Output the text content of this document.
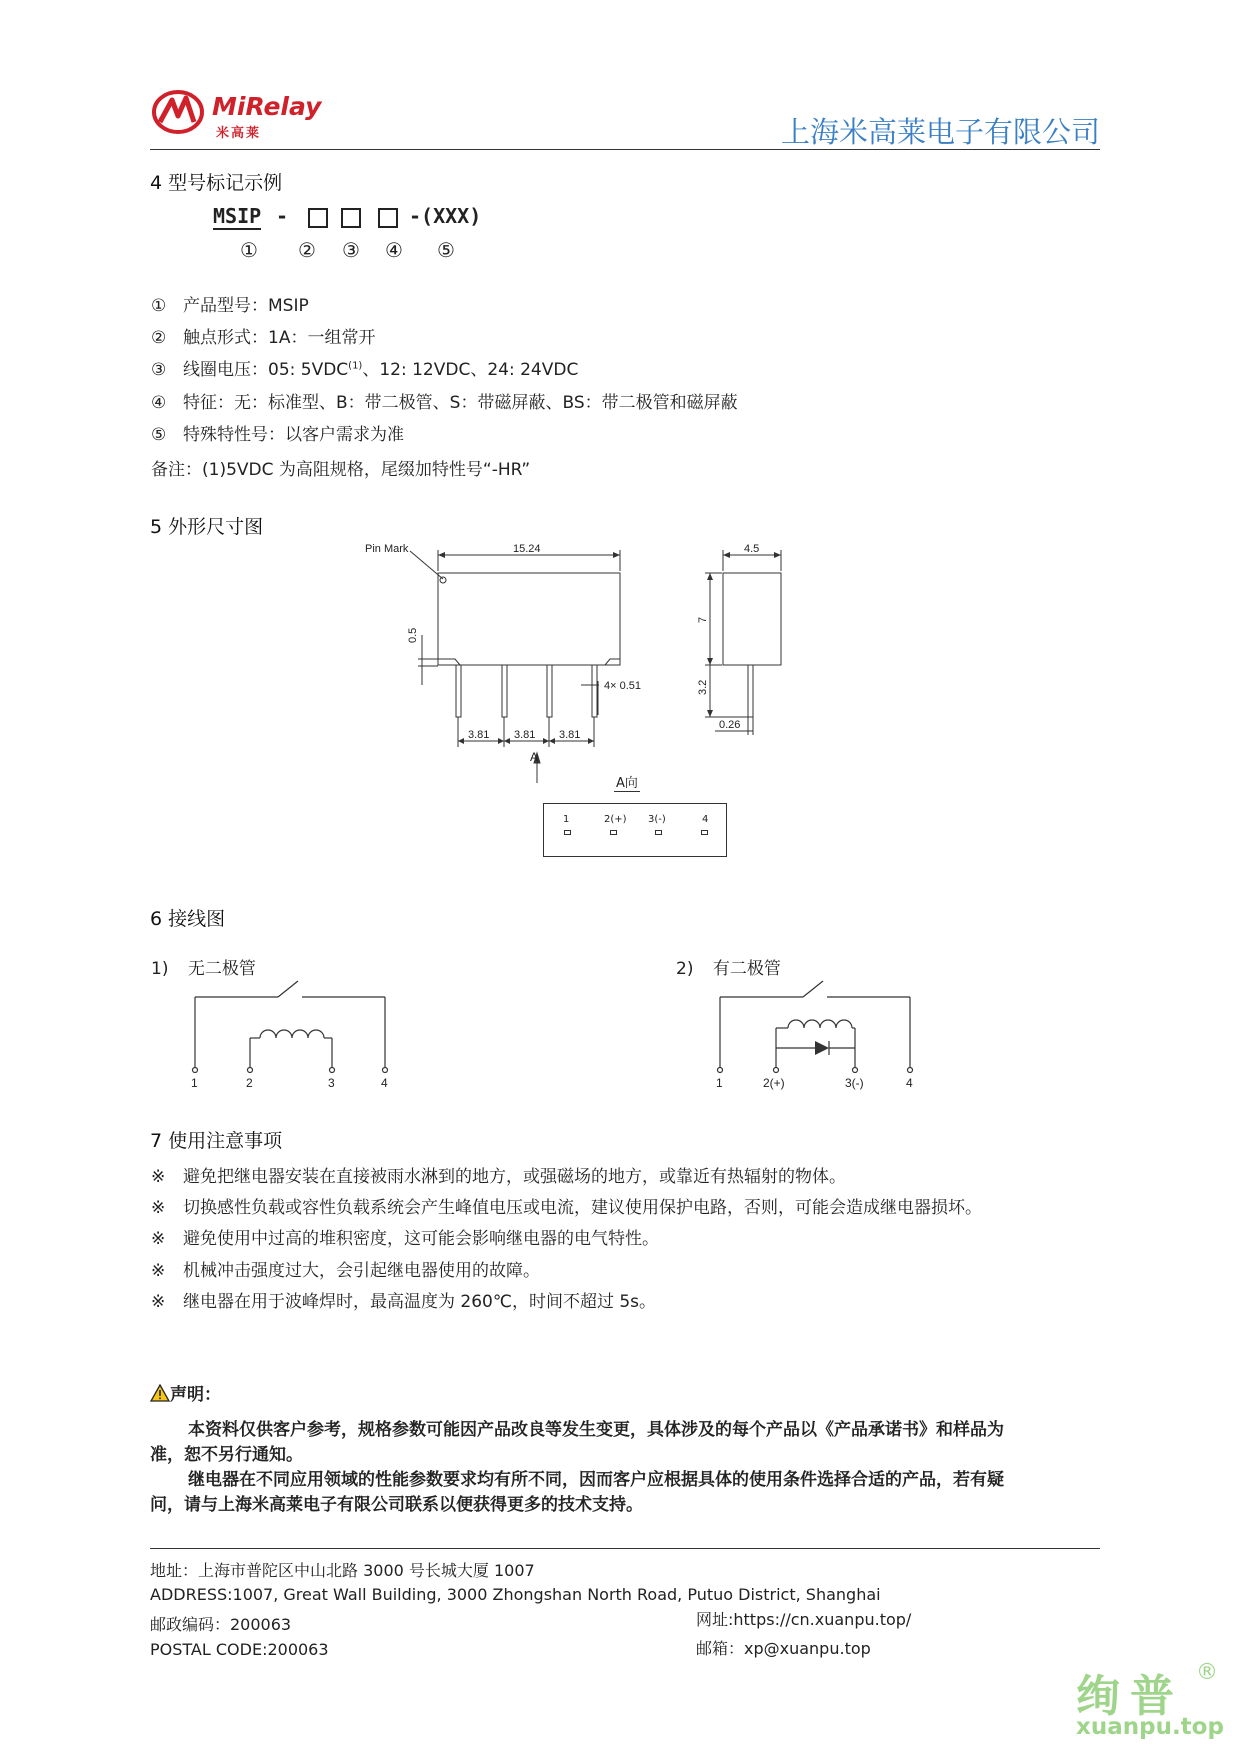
MiRelay
米高莱	上海米高莱电子有限公司
4 型号标记示例
MSIP -	-(XXX)
① ② ③ ④ ⑤
① 产品型号：MSIP
② 触点形式：1A：一组常开
③ 线圈电压：05: 5VDC$^{(1)}$、12: 12VDC、24: 24VDC
④ 特征：无：标准型、B：带二极管、S：带磁屏蔽、BS：带二极管和磁屏蔽
⑤ 特殊特性号：以客户需求为准
备注：(1)5VDC 为高阻规格，尾缀加特性号“-HR”
5 外形尺寸图
Pin Mark	15.24
0.5
4× 0.51
3.81 3.81 3.81
A
4.5
7
3.2
0.26
A向
1	2(+) 3(-)	4
6 接线图
1) 无二极管
1	2	3	4
2) 有二极管
1	2(+)	3(-)	4
7 使用注意事项
※ 避免把继电器安装在直接被雨水淋到的地方，或强磁场的地方，或靠近有热辐射的物体。
※ 切换感性负载或容性负载系统会产生峰值电压或电流，建议使用保护电路，否则，可能会造成继电器损坏。
※ 避免使用中过高的堆积密度，这可能会影响继电器的电气特性。
※ 机械冲击强度过大，会引起继电器使用的故障。
※ 继电器在用于波峰焊时，最高温度为 260℃，时间不超过 5s。
声明：
本资料仅供客户参考，规格参数可能因产品改良等发生变更，具体涉及的每个产品以《产品承诺书》和样品为
准，恕不另行通知。
继电器在不同应用领域的性能参数要求均有所不同，因而客户应根据具体的使用条件选择合适的产品，若有疑
问，请与上海米高莱电子有限公司联系以便获得更多的技术支持。
地址：上海市普陀区中山北路 3000 号长城大厦 1007
ADDRESS:1007, Great Wall Building, 3000 Zhongshan North Road, Putuo District, Shanghai
邮政编码：200063
POSTAL CODE:200063
网址:https://cn.xuanpu.top/
邮箱：xp@xuanpu.top
绚普 ®
xuanpu.top
